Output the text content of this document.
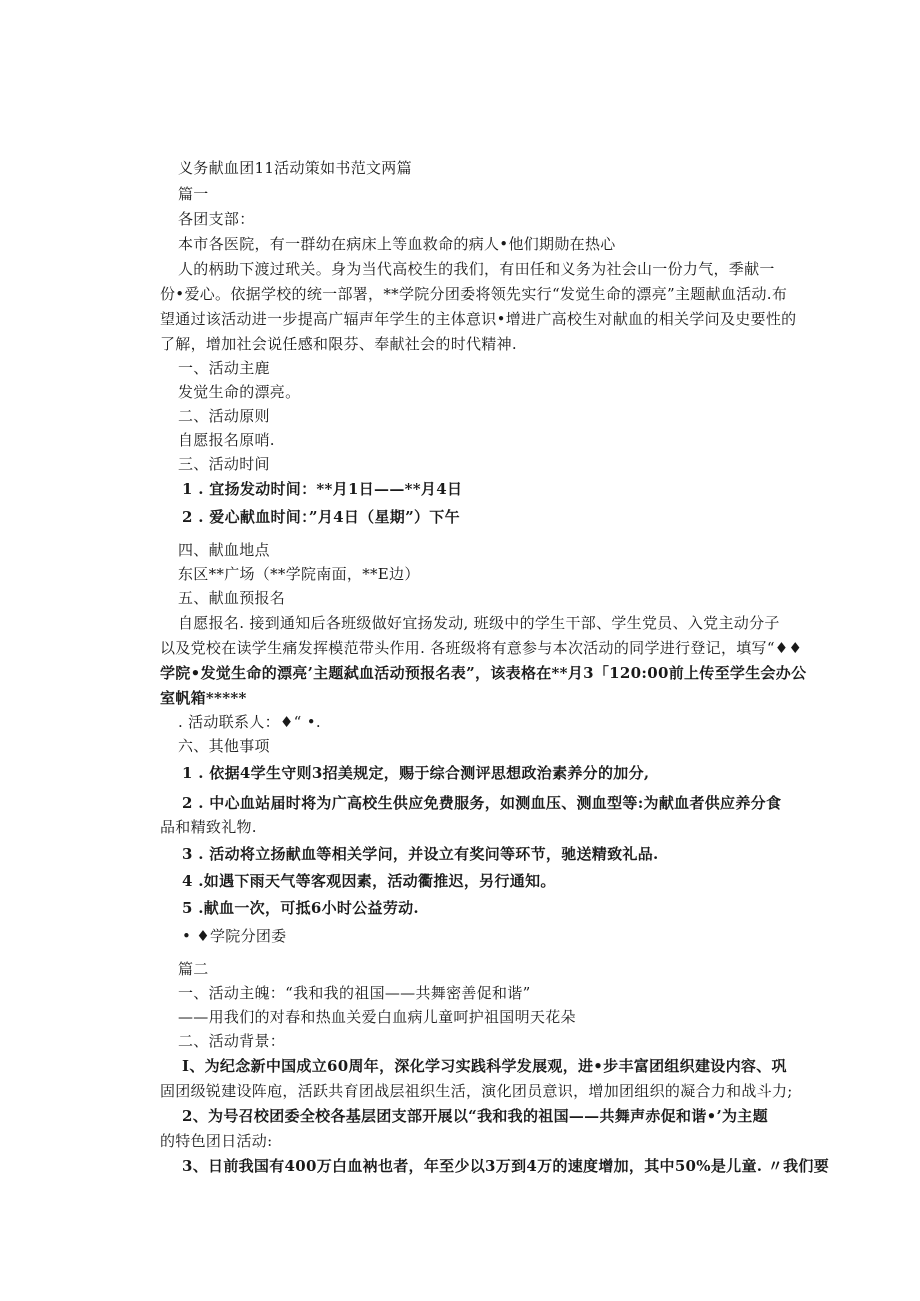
义务献血团11活动策如书范文两篇
篇一
各团支部：
本市各医院，有一群幼在病床上等血救命的病人•他们期勋在热心
人的柄助下渡过玳关。身为当代高校生的我们，有田任和义务为社会山一份力气，季献一
份•爱心。依据学校的统一部署，**学院分团委将领先实行“发觉生命的漂亮”主题献血活动.布
望通过该活动进一步提高广辐声年学生的主体意识•增进广高校生对献血的相关学问及史要性的
了解，增加社会说任感和限芬、奉献社会的时代精神.
一、活动主鹿
发觉生命的漂亮。
二、活动原则
自愿报名原哨.
三、活动时间
1 . 宜扬发动时间：**月1日——**月4日
2 . 爱心献血时间：”月4日（星期”）下午
四、献血地点
东区**广场（**学院南面，**E边）
五、献血预报名
自愿报名. 接到通知后各班级做好宜扬发动, 班级中的学生干部、学生党员、入党主动分子
以及党校在读学生痛发挥模范带头作用. 各班级将有意参与本次活动的同学进行登记，填写“♦♦
学院•发觉生命的漂亮’主题弑血活动预报名表”，该表格在**月3「120:00前上传至学生会办公
室帆箱*****
. 活动联系人：♦“ •.
六、其他事项
1 . 依据4学生守则3招美规定，赐于综合测评思想政治素养分的加分,
2 . 中心血站届时将为广高校生供应免费服务，如测血压、测血型等:为献血者供应养分食
品和精致礼物.
3 . 活动将立扬献血等相关学问，并设立有奖问等环节，驰送精致礼品.
4 .如遇下雨天气等客观因素，活动衢推迟，另行通知。
5 .献血一次，可抵6小时公益劳动.
• ♦学院分团委
篇二
一、活动主魄：“我和我的祖国——共舞密善促和谐”
——用我们的对春和热血关爱白血病儿童呵护祖国明天花朵
二、活动背景：
I、为纪念新中国成立60周年，深化学习实践科学发展观，进•步丰富团组织建设内容、巩
固团级锐建设阵庖，活跃共育团战层祖织生活，演化团员意识，增加团组织的凝合力和战斗力;
2、为号召校团委全校各基层团支部开展以“我和我的祖国——共舞声赤促和谐•’为主题
的特色团日活动:
3、日前我国有400万白血衲也者，年至少以3万到4万的速度增加，其中50%是儿童. 〃我们要
